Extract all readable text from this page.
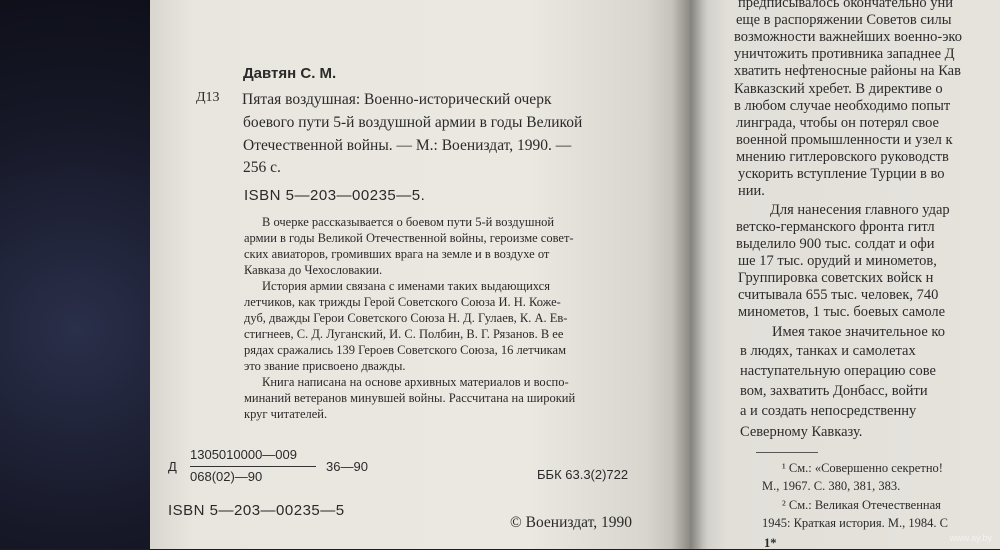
Давтян С. М.
Д13 Пятая воздушная: Военно-исторический очерк
боевого пути 5-й воздушной армии в годы Великой
Отечественной войны. — М.: Воениздат, 1990. —
256 с.
ISBN 5—203—00235—5.
В очерке рассказывается о боевом пути 5-й воздушной
армии в годы Великой Отечественной войны, героизме совет-
ских авиаторов, громивших врага на земле и в воздухе от
Кавказа до Чехословакии.
История армии связана с именами таких выдающихся
летчиков, как трижды Герой Советского Союза И. Н. Коже-
дуб, дважды Герои Советского Союза Н. Д. Гулаев, К. А. Ев-
стигнеев, С. Д. Луганский, И. С. Полбин, В. Г. Рязанов. В ее
рядах сражались 139 Героев Советского Союза, 16 летчикам
это звание присвоено дважды.
Книга написана на основе архивных материалов и воспо-
минаний ветеранов минувшей войны. Рассчитана на широкий
круг читателей.
Д
1305010000—009
068(02)—90
36—90
ББК 63.3(2)722
ISBN 5—203—00235—5
© Воениздат, 1990
предписывалось окончательно уни
еще в распоряжении Советов силы
возможности важнейших военно-эко
уничтожить противника западнее Д
хватить нефтеносные районы на Кав
Кавказский хребет. В директиве о
в любом случае необходимо попыт
линграда, чтобы он потерял свое
военной промышленности и узел к
мнению гитлеровского руководств
ускорить вступление Турции в во
нии.
Для нанесения главного удар
ветско-германского фронта гитл
выделило 900 тыс. солдат и офи
ше 17 тыс. орудий и минометов,
Группировка советских войск н
считывала 655 тыс. человек, 740
минометов, 1 тыс. боевых самоле
Имея такое значительное ко
в людях, танках и самолетах
наступательную операцию сове
вом, захватить Донбасс, войти
а и создать непосредственну
Северному Кавказу.
¹ См.: «Совершенно секретно!
М., 1967. С. 380, 381, 383.
² См.: Великая Отечественная
1945: Краткая история. М., 1984. С
1*	www.ay.by
